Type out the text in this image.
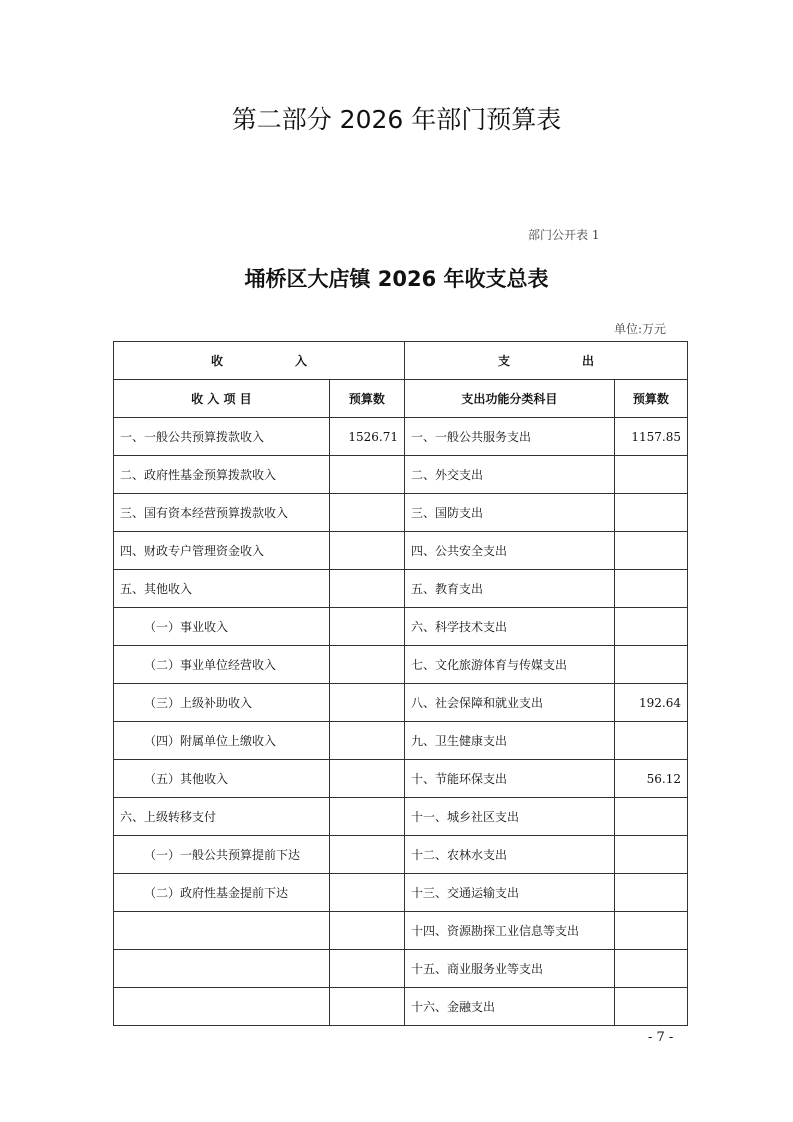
第二部分 2026 年部门预算表
部门公开表 1
埇桥区大店镇 2026 年收支总表
单位:万元
收　　　　　　入		支　　　　　　出	
收 入 项 目	预算数	支出功能分类科目	预算数
一、一般公共预算拨款收入	1526.71	一、一般公共服务支出	1157.85
二、政府性基金预算拨款收入		二、外交支出	
三、国有资本经营预算拨款收入		三、国防支出	
四、财政专户管理资金收入		四、公共安全支出	
五、其他收入		五、教育支出	
（一）事业收入		六、科学技术支出	
（二）事业单位经营收入		七、文化旅游体育与传媒支出	
（三）上级补助收入		八、社会保障和就业支出	192.64
（四）附属单位上缴收入		九、卫生健康支出	
（五）其他收入		十、节能环保支出	56.12
六、上级转移支付		十一、城乡社区支出	
（一）一般公共预算提前下达		十二、农林水支出	
（二）政府性基金提前下达		十三、交通运输支出	
		十四、资源勘探工业信息等支出	
		十五、商业服务业等支出	
		十六、金融支出	
- 7 -
